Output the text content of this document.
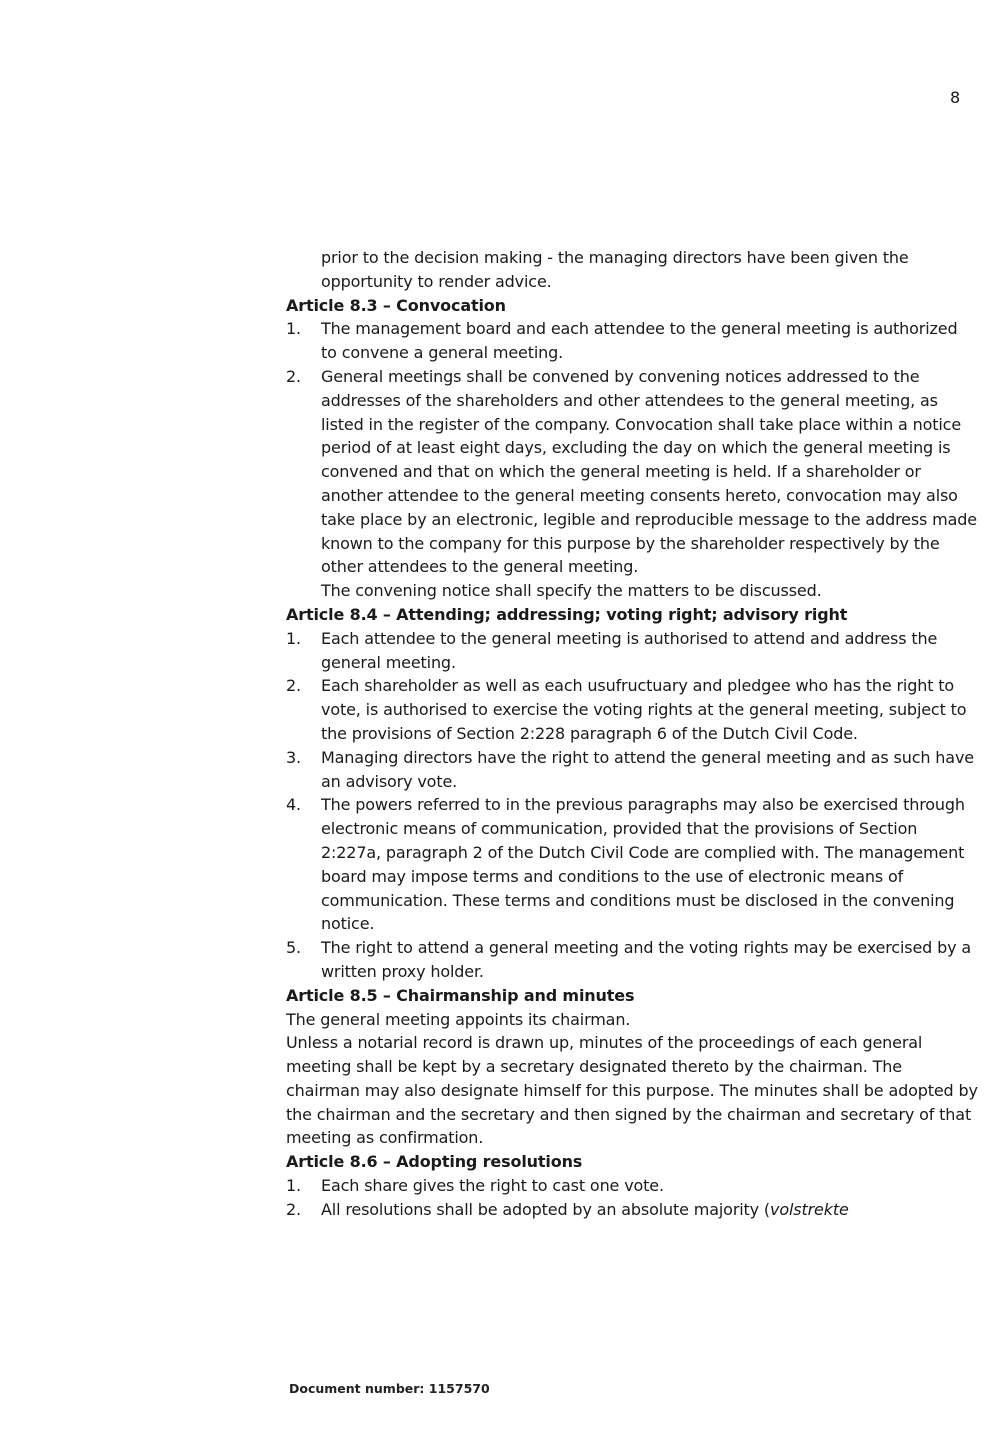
8

prior to the decision making - the managing directors have been given the opportunity to render advice.

Article 8.3 – Convocation
1. The management board and each attendee to the general meeting is authorized to convene a general meeting.
2. General meetings shall be convened by convening notices addressed to the addresses of the shareholders and other attendees to the general meeting, as listed in the register of the company. Convocation shall take place within a notice period of at least eight days, excluding the day on which the general meeting is convened and that on which the general meeting is held. If a shareholder or another attendee to the general meeting consents hereto, convocation may also take place by an electronic, legible and reproducible message to the address made known to the company for this purpose by the shareholder respectively by the other attendees to the general meeting.

The convening notice shall specify the matters to be discussed.

Article 8.4 – Attending; addressing; voting right; advisory right
1. Each attendee to the general meeting is authorised to attend and address the general meeting.
2. Each shareholder as well as each usufructuary and pledgee who has the right to vote, is authorised to exercise the voting rights at the general meeting, subject to the provisions of Section 2:228 paragraph 6 of the Dutch Civil Code.
3. Managing directors have the right to attend the general meeting and as such have an advisory vote.
4. The powers referred to in the previous paragraphs may also be exercised through electronic means of communication, provided that the provisions of Section 2:227a, paragraph 2 of the Dutch Civil Code are complied with. The management board may impose terms and conditions to the use of electronic means of communication. These terms and conditions must be disclosed in the convening notice.
5. The right to attend a general meeting and the voting rights may be exercised by a written proxy holder.
Article 8.5 – Chairmanship and minutes

The general meeting appoints its chairman.

Unless a notarial record is drawn up, minutes of the proceedings of each general meeting shall be kept by a secretary designated thereto by the chairman. The chairman may also designate himself for this purpose. The minutes shall be adopted by the chairman and the secretary and then signed by the chairman and secretary of that meeting as confirmation.

Article 8.6 – Adopting resolutions
1. Each share gives the right to cast one vote.
2. All resolutions shall be adopted by an absolute majority (volstrekte
Document number: 1157570
